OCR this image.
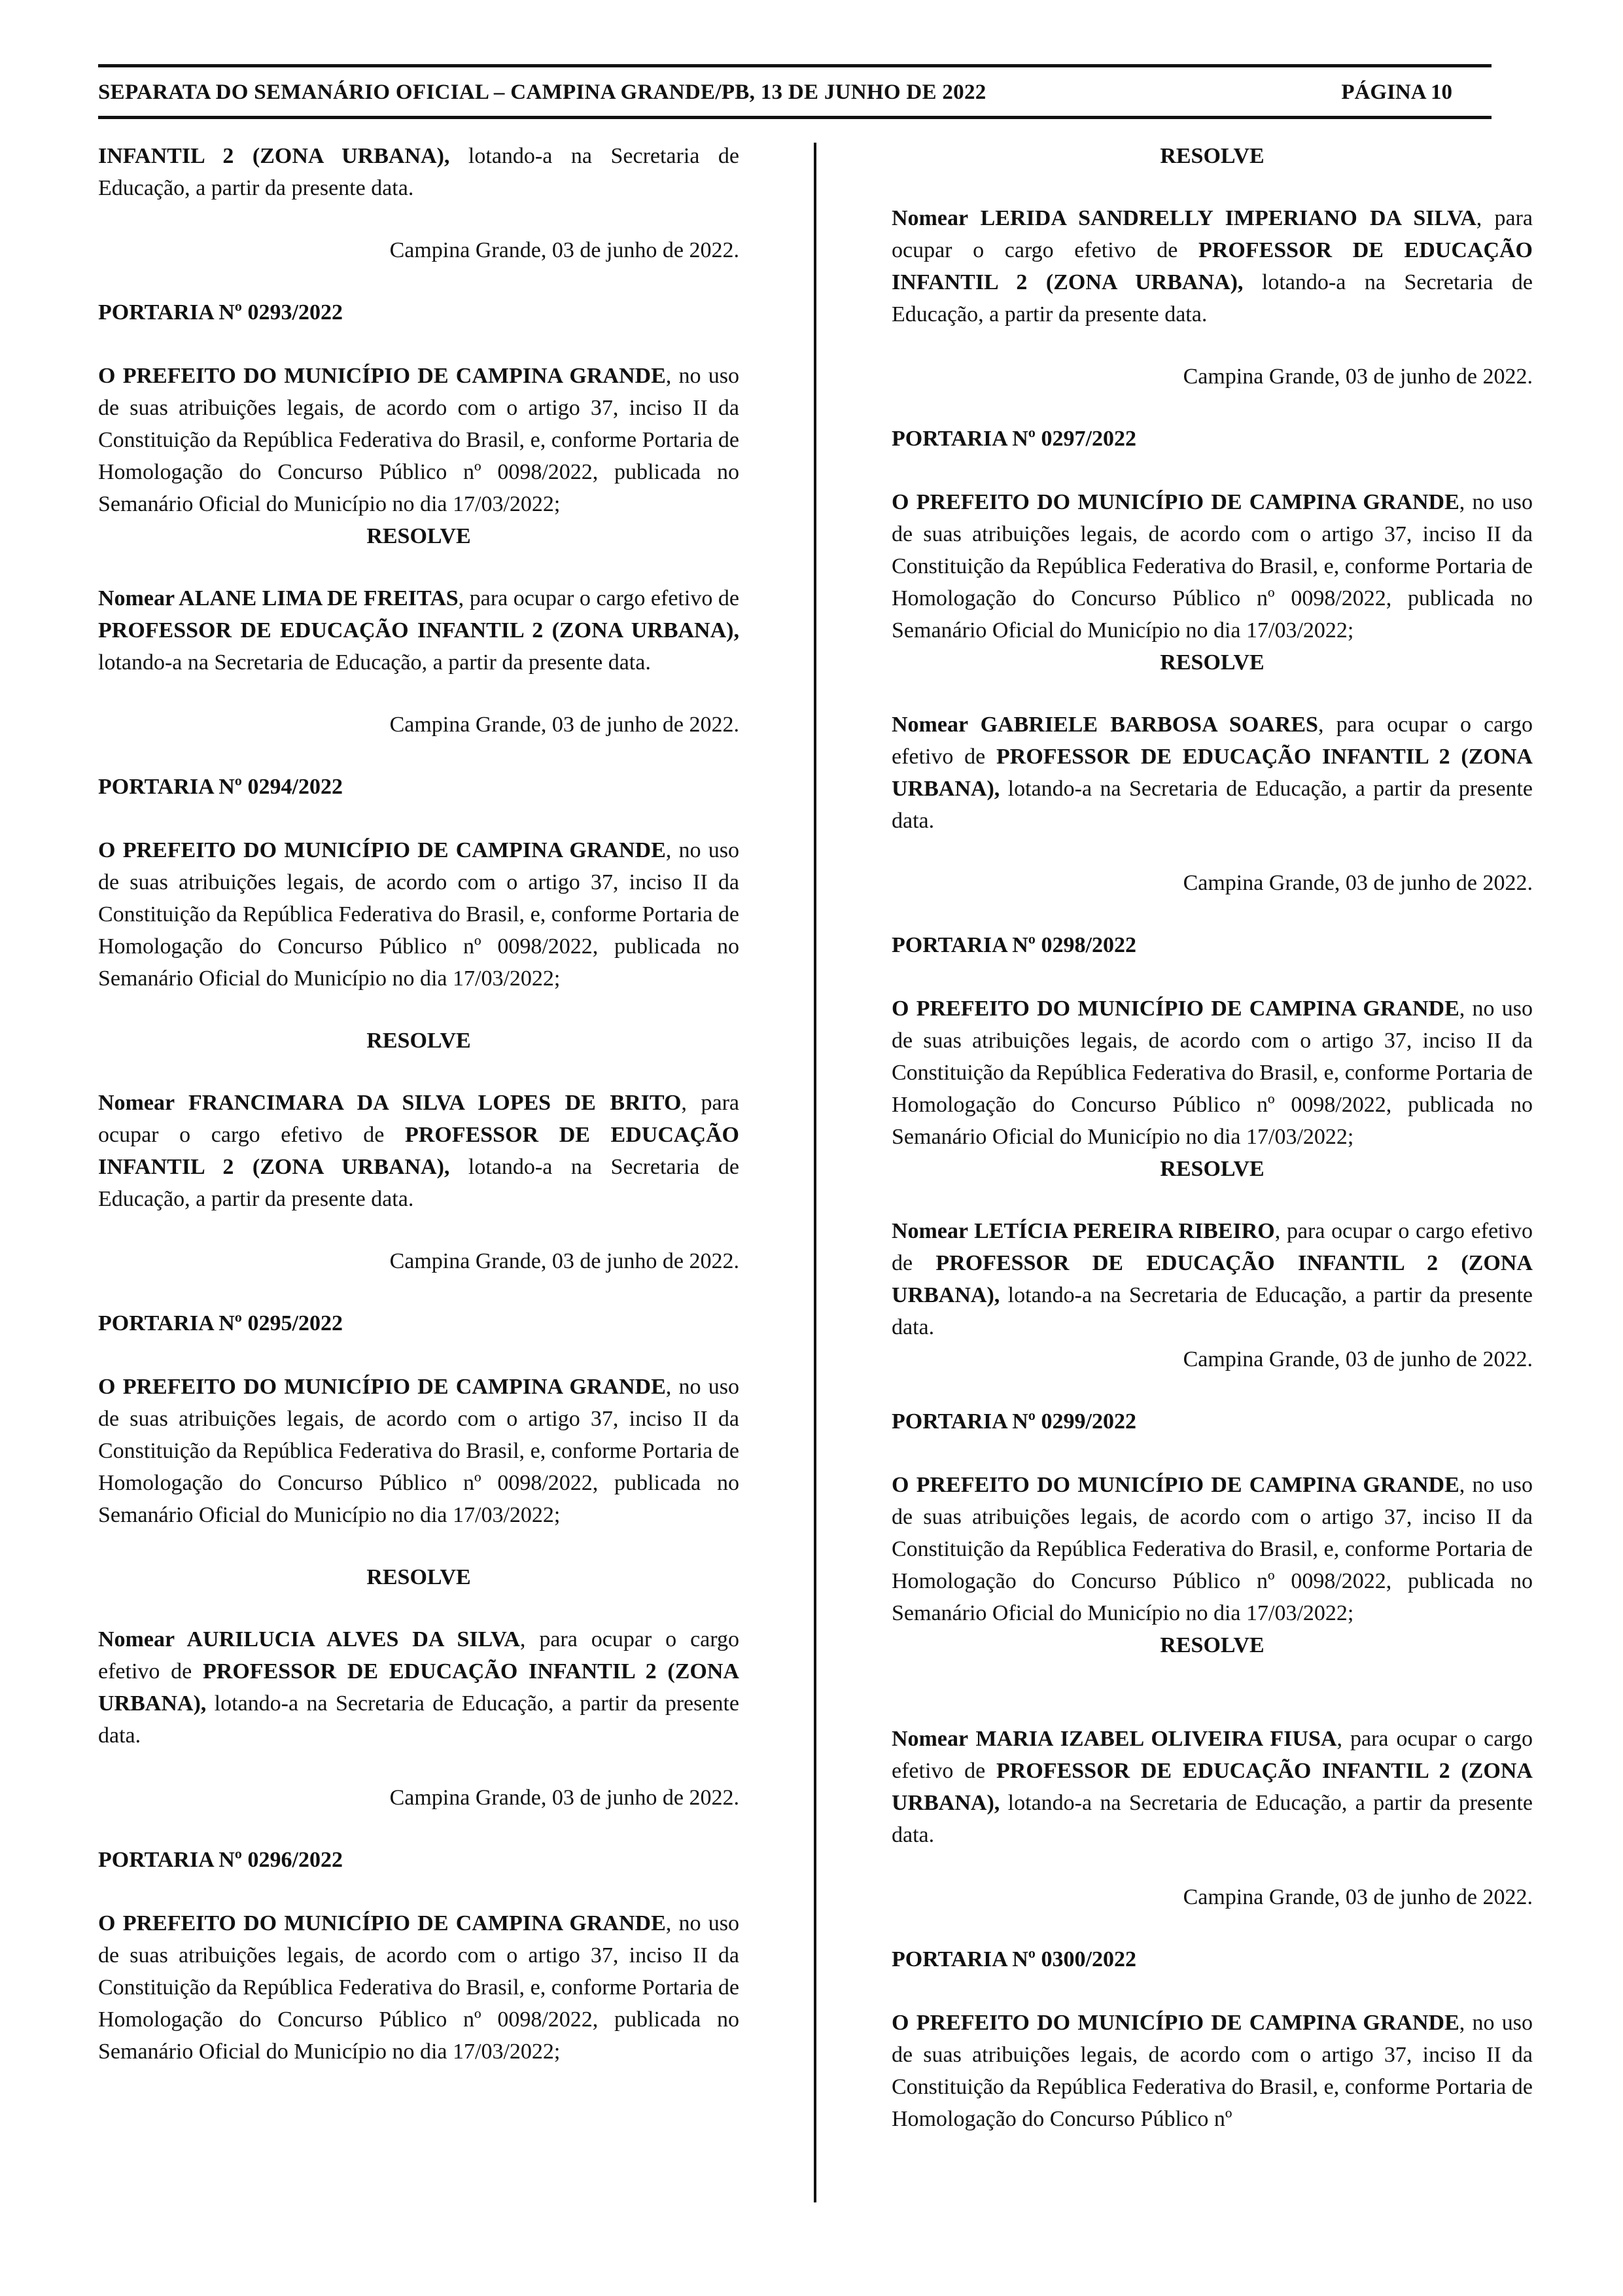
SEPARATA DO SEMANÁRIO OFICIAL – CAMPINA GRANDE/PB, 13 DE JUNHO DE 2022	PÁGINA 10

INFANTIL 2 (ZONA URBANA), lotando-a na Secretaria de Educação, a partir da presente data.

Campina Grande, 03 de junho de 2022.

PORTARIA Nº 0293/2022

O PREFEITO DO MUNICÍPIO DE CAMPINA GRANDE, no uso de suas atribuições legais, de acordo com o artigo 37, inciso II da Constituição da República Federativa do Brasil, e, conforme Portaria de Homologação do Concurso Público nº 0098/2022, publicada no Semanário Oficial do Município no dia 17/03/2022;

RESOLVE

Nomear ALANE LIMA DE FREITAS, para ocupar o cargo efetivo de PROFESSOR DE EDUCAÇÃO INFANTIL 2 (ZONA URBANA), lotando-a na Secretaria de Educação, a partir da presente data.

Campina Grande, 03 de junho de 2022.

PORTARIA Nº 0294/2022

O PREFEITO DO MUNICÍPIO DE CAMPINA GRANDE, no uso de suas atribuições legais, de acordo com o artigo 37, inciso II da Constituição da República Federativa do Brasil, e, conforme Portaria de Homologação do Concurso Público nº 0098/2022, publicada no Semanário Oficial do Município no dia 17/03/2022;

RESOLVE

Nomear FRANCIMARA DA SILVA LOPES DE BRITO, para ocupar o cargo efetivo de PROFESSOR DE EDUCAÇÃO INFANTIL 2 (ZONA URBANA), lotando-a na Secretaria de Educação, a partir da presente data.

Campina Grande, 03 de junho de 2022.

PORTARIA Nº 0295/2022

O PREFEITO DO MUNICÍPIO DE CAMPINA GRANDE, no uso de suas atribuições legais, de acordo com o artigo 37, inciso II da Constituição da República Federativa do Brasil, e, conforme Portaria de Homologação do Concurso Público nº 0098/2022, publicada no Semanário Oficial do Município no dia 17/03/2022;

RESOLVE

Nomear AURILUCIA ALVES DA SILVA, para ocupar o cargo efetivo de PROFESSOR DE EDUCAÇÃO INFANTIL 2 (ZONA URBANA), lotando-a na Secretaria de Educação, a partir da presente data.

Campina Grande, 03 de junho de 2022.

PORTARIA Nº 0296/2022

O PREFEITO DO MUNICÍPIO DE CAMPINA GRANDE, no uso de suas atribuições legais, de acordo com o artigo 37, inciso II da Constituição da República Federativa do Brasil, e, conforme Portaria de Homologação do Concurso Público nº 0098/2022, publicada no Semanário Oficial do Município no dia 17/03/2022;

RESOLVE

Nomear LERIDA SANDRELLY IMPERIANO DA SILVA, para ocupar o cargo efetivo de PROFESSOR DE EDUCAÇÃO INFANTIL 2 (ZONA URBANA), lotando-a na Secretaria de Educação, a partir da presente data.

Campina Grande, 03 de junho de 2022.

PORTARIA Nº 0297/2022

O PREFEITO DO MUNICÍPIO DE CAMPINA GRANDE, no uso de suas atribuições legais, de acordo com o artigo 37, inciso II da Constituição da República Federativa do Brasil, e, conforme Portaria de Homologação do Concurso Público nº 0098/2022, publicada no Semanário Oficial do Município no dia 17/03/2022;

RESOLVE

Nomear GABRIELE BARBOSA SOARES, para ocupar o cargo efetivo de PROFESSOR DE EDUCAÇÃO INFANTIL 2 (ZONA URBANA), lotando-a na Secretaria de Educação, a partir da presente data.

Campina Grande, 03 de junho de 2022.

PORTARIA Nº 0298/2022

O PREFEITO DO MUNICÍPIO DE CAMPINA GRANDE, no uso de suas atribuições legais, de acordo com o artigo 37, inciso II da Constituição da República Federativa do Brasil, e, conforme Portaria de Homologação do Concurso Público nº 0098/2022, publicada no Semanário Oficial do Município no dia 17/03/2022;

RESOLVE

Nomear LETÍCIA PEREIRA RIBEIRO, para ocupar o cargo efetivo de PROFESSOR DE EDUCAÇÃO INFANTIL 2 (ZONA URBANA), lotando-a na Secretaria de Educação, a partir da presente data.

Campina Grande, 03 de junho de 2022.

PORTARIA Nº 0299/2022

O PREFEITO DO MUNICÍPIO DE CAMPINA GRANDE, no uso de suas atribuições legais, de acordo com o artigo 37, inciso II da Constituição da República Federativa do Brasil, e, conforme Portaria de Homologação do Concurso Público nº 0098/2022, publicada no Semanário Oficial do Município no dia 17/03/2022;

RESOLVE

Nomear MARIA IZABEL OLIVEIRA FIUSA, para ocupar o cargo efetivo de PROFESSOR DE EDUCAÇÃO INFANTIL 2 (ZONA URBANA), lotando-a na Secretaria de Educação, a partir da presente data.

Campina Grande, 03 de junho de 2022.

PORTARIA Nº 0300/2022

O PREFEITO DO MUNICÍPIO DE CAMPINA GRANDE, no uso de suas atribuições legais, de acordo com o artigo 37, inciso II da Constituição da República Federativa do Brasil, e, conforme Portaria de Homologação do Concurso Público nº
